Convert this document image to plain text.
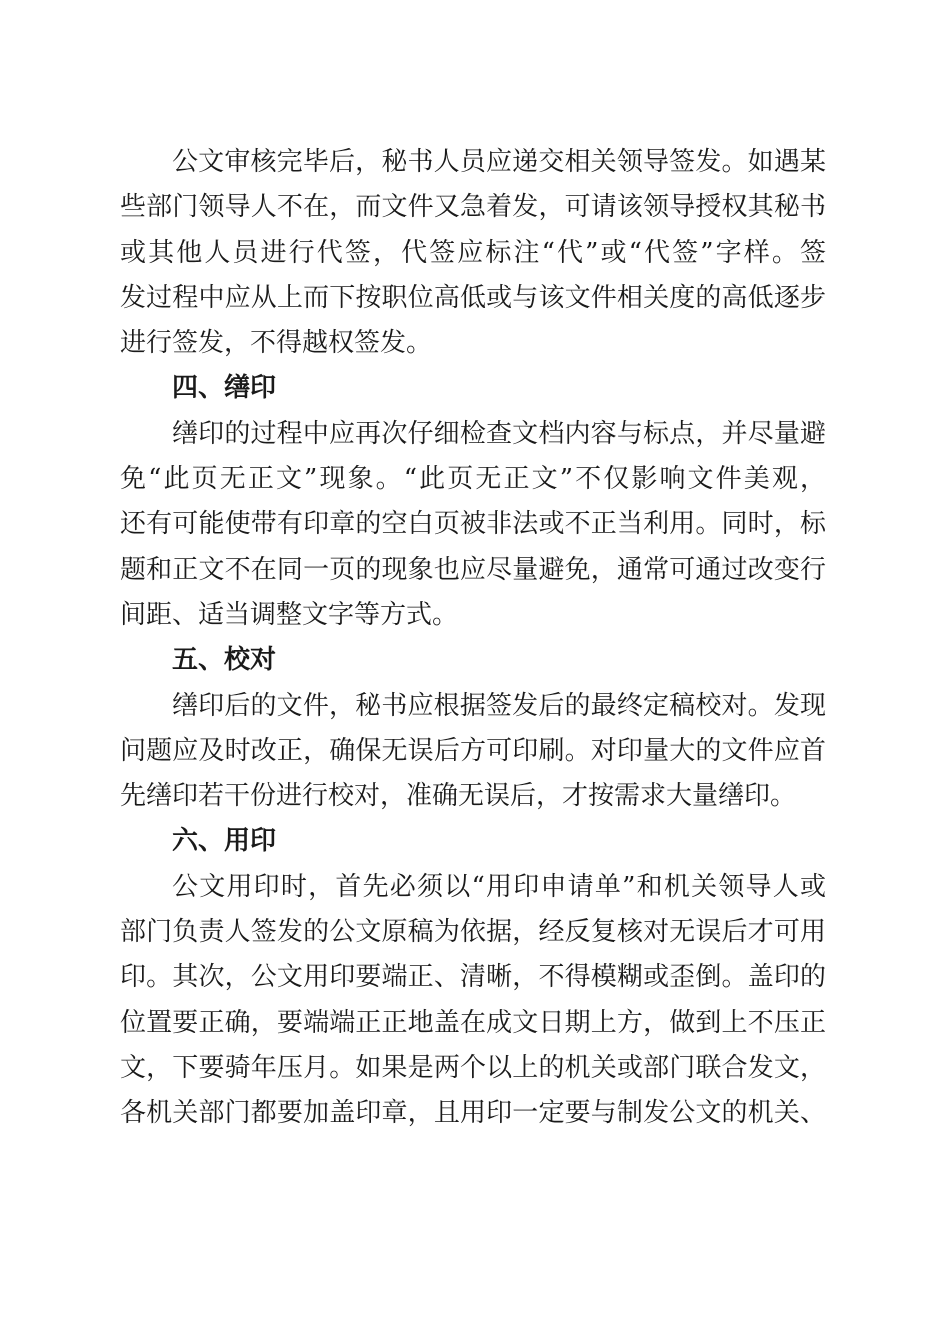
公文审核完毕后，秘书人员应递交相关领导签发。如遇某
些部门领导人不在，而文件又急着发，可请该领导授权其秘书
或其他人员进行代签，代签应标注“代”或“代签”字样。签
发过程中应从上而下按职位高低或与该文件相关度的高低逐步
进行签发，不得越权签发。
四、缮印
缮印的过程中应再次仔细检查文档内容与标点，并尽量避
免“此页无正文”现象。“此页无正文”不仅影响文件美观，
还有可能使带有印章的空白页被非法或不正当利用。同时，标
题和正文不在同一页的现象也应尽量避免，通常可通过改变行
间距、适当调整文字等方式。
五、校对
缮印后的文件，秘书应根据签发后的最终定稿校对。发现
问题应及时改正，确保无误后方可印刷。对印量大的文件应首
先缮印若干份进行校对，准确无误后，才按需求大量缮印。
六、用印
公文用印时，首先必须以“用印申请单”和机关领导人或
部门负责人签发的公文原稿为依据，经反复核对无误后才可用
印。其次，公文用印要端正、清晰，不得模糊或歪倒。盖印的
位置要正确，要端端正正地盖在成文日期上方，做到上不压正
文，下要骑年压月。如果是两个以上的机关或部门联合发文，
各机关部门都要加盖印章，且用印一定要与制发公文的机关、
